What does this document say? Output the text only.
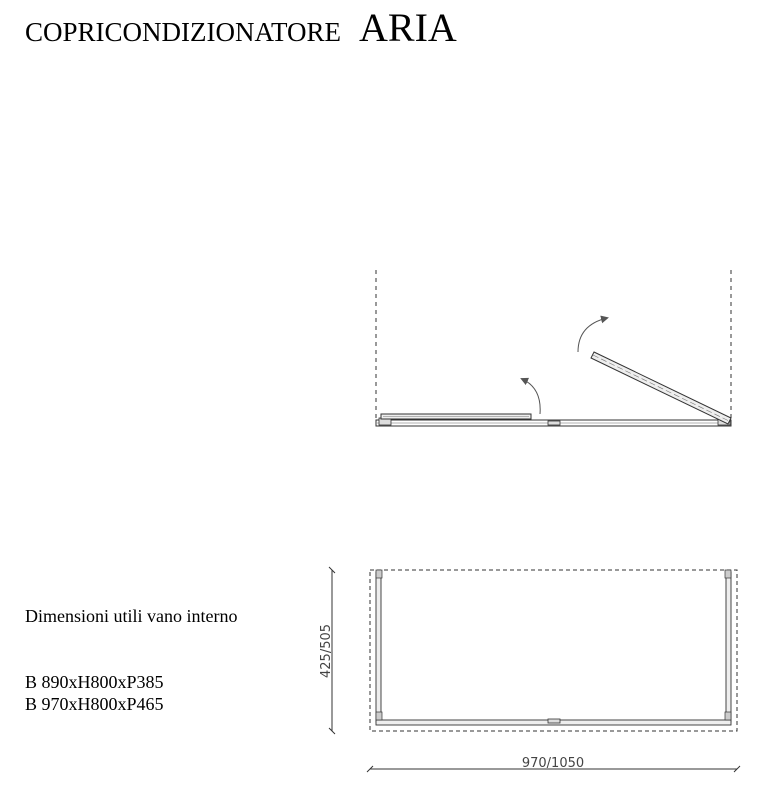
COPRICONDIZIONATORE ARIA
Dimensioni utili vano interno
B 890xH800xP385
B 970xH800xP465
425/505
970/1050
